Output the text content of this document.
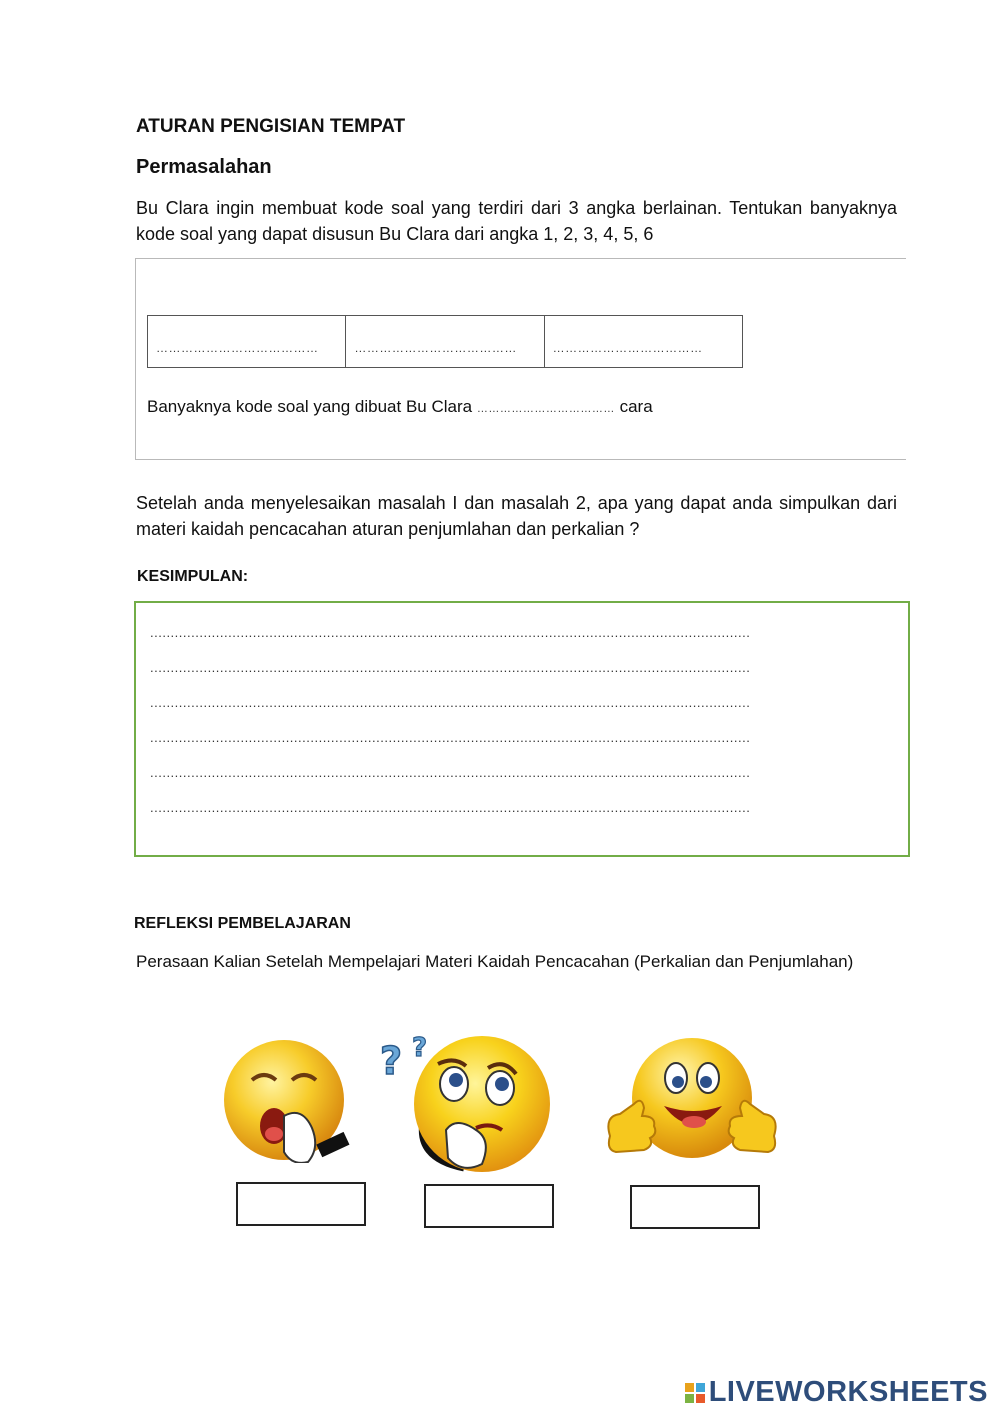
ATURAN PENGISIAN TEMPAT
Permasalahan
Bu Clara ingin membuat kode soal yang terdiri dari 3 angka berlainan. Tentukan banyaknya kode soal yang dapat disusun Bu Clara dari angka 1, 2, 3, 4, 5, 6
…………………………………	…………………………………	………………………………
Banyaknya kode soal yang dibuat Bu Clara ……………………………… cara
Setelah anda menyelesaikan masalah I dan masalah 2, apa yang dapat anda simpulkan dari materi kaidah pencacahan aturan penjumlahan dan perkalian ?
KESIMPULAN:
..................................................................................................................................................
..................................................................................................................................................
..................................................................................................................................................
..................................................................................................................................................
..................................................................................................................................................
..................................................................................................................................................
REFLEKSI PEMBELAJARAN
Perasaan Kalian Setelah Mempelajari Materi Kaidah Pencacahan (Perkalian dan Penjumlahan)
? ?
LIVEWORKSHEETS
